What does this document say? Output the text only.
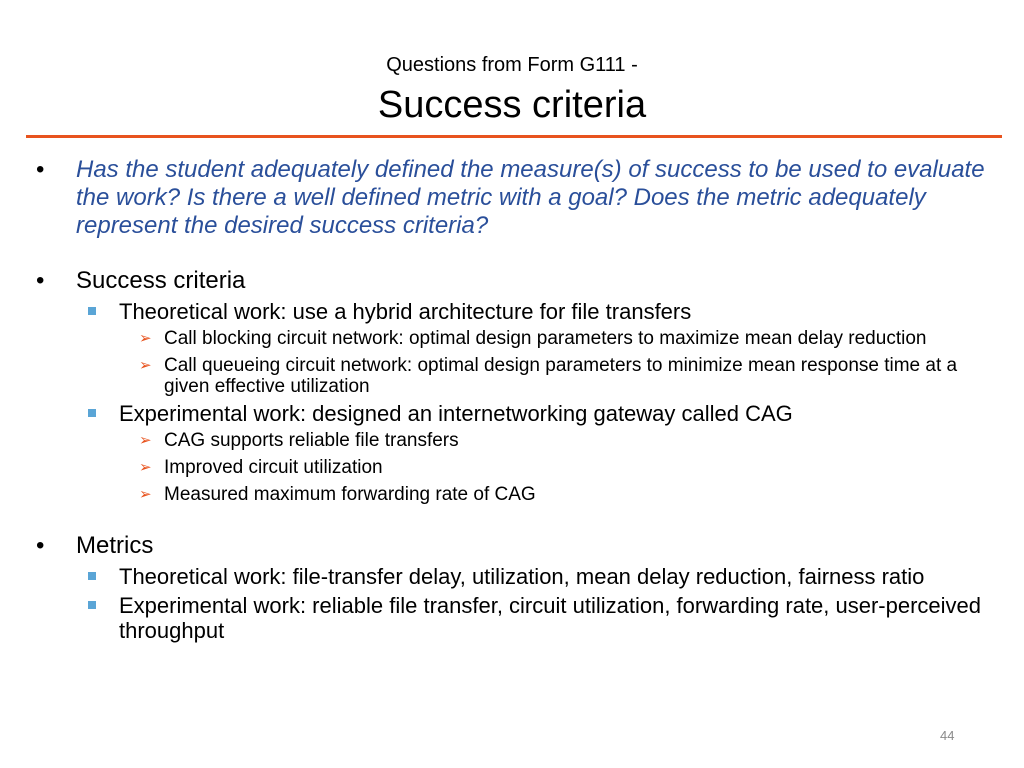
Questions from Form G111 -
Success criteria
• Has the student adequately defined the measure(s) of success to be used to evaluate the work? Is there a well defined metric with a goal? Does the metric adequately represent the desired success criteria?
• Success criteria
Theoretical work: use a hybrid architecture for file transfers
➢ Call blocking circuit network: optimal design parameters to maximize mean delay reduction
➢ Call queueing circuit network: optimal design parameters to minimize mean response time at a given effective utilization
Experimental work: designed an internetworking gateway called CAG
➢ CAG supports reliable file transfers
➢ Improved circuit utilization
➢ Measured maximum forwarding rate of CAG
• Metrics
Theoretical work: file-transfer delay, utilization, mean delay reduction, fairness ratio
Experimental work: reliable file transfer, circuit utilization, forwarding rate, user-perceived throughput
44
